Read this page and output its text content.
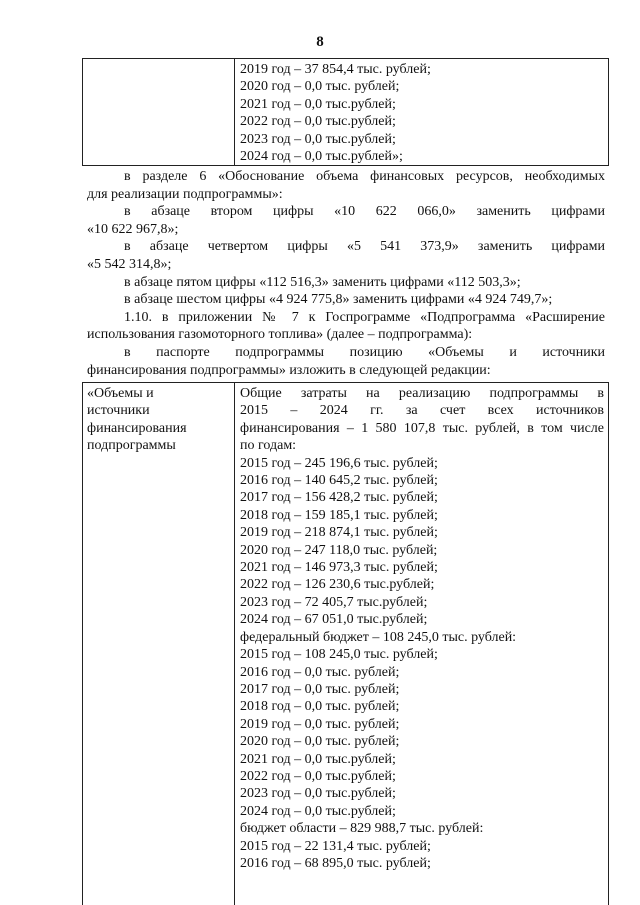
8
2019 год – 37 854,4 тыс. рублей;
2020 год – 0,0 тыс. рублей;
2021 год – 0,0 тыс.рублей;
2022 год – 0,0 тыс.рублей;
2023 год – 0,0 тыс.рублей;
2024 год – 0,0 тыс.рублей»;
в разделе 6 «Обоснование объема финансовых ресурсов, необходимых
для реализации подпрограммы»:
в абзаце втором цифры «10 622 066,0» заменить цифрами
«10 622 967,8»;
в абзаце четвертом цифры «5 541 373,9» заменить цифрами
«5 542 314,8»;
в абзаце пятом цифры «112 516,3» заменить цифрами «112 503,3»;
в абзаце шестом цифры «4 924 775,8» заменить цифрами «4 924 749,7»;
1.10. в приложении № 7 к Госпрограмме «Подпрограмма «Расширение
использования газомоторного топлива» (далее – подпрограмма):
в паспорте подпрограммы позицию «Объемы и источники
финансирования подпрограммы» изложить в следующей редакции:
«Объемы и
источники
финансирования
подпрограммы
Общие затраты на реализацию подпрограммы в
2015 – 2024 гг. за счет всех источников
финансирования – 1 580 107,8 тыс. рублей, в том числе
по годам:
2015 год – 245 196,6 тыс. рублей;
2016 год – 140 645,2 тыс. рублей;
2017 год – 156 428,2 тыс. рублей;
2018 год – 159 185,1 тыс. рублей;
2019 год – 218 874,1 тыс. рублей;
2020 год – 247 118,0 тыс. рублей;
2021 год – 146 973,3 тыс. рублей;
2022 год – 126 230,6 тыс.рублей;
2023 год – 72 405,7 тыс.рублей;
2024 год – 67 051,0 тыс.рублей;
федеральный бюджет – 108 245,0 тыс. рублей:
2015 год – 108 245,0 тыс. рублей;
2016 год – 0,0 тыс. рублей;
2017 год – 0,0 тыс. рублей;
2018 год – 0,0 тыс. рублей;
2019 год – 0,0 тыс. рублей;
2020 год – 0,0 тыс. рублей;
2021 год – 0,0 тыс.рублей;
2022 год – 0,0 тыс.рублей;
2023 год – 0,0 тыс.рублей;
2024 год – 0,0 тыс.рублей;
бюджет области – 829 988,7 тыс. рублей:
2015 год – 22 131,4 тыс. рублей;
2016 год – 68 895,0 тыс. рублей;
